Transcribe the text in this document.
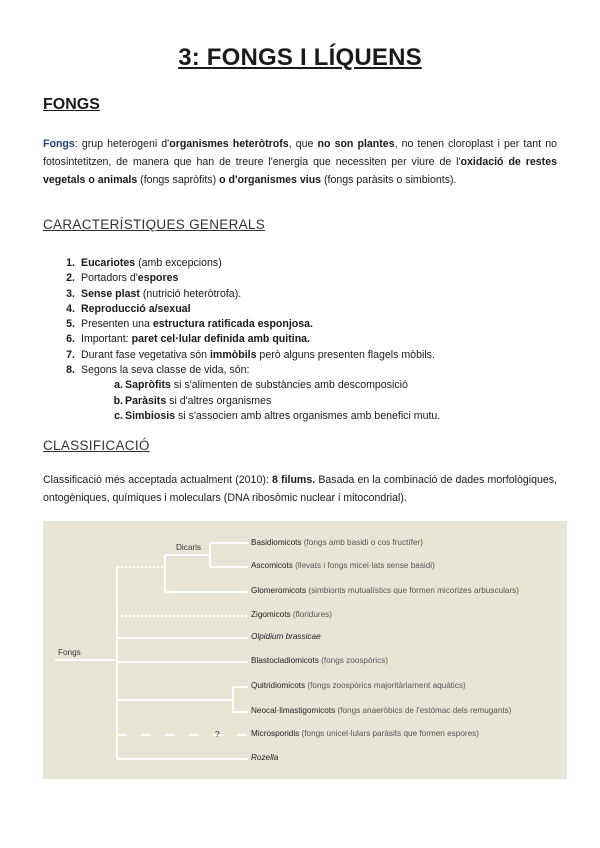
3: FONGS I LÍQUENS
FONGS

Fongs: grup heterogeni d'organismes heteròtrofs, que no son plantes, no tenen cloroplast i per tant no fotosintetitzen, de manera que han de treure l'energia que necessiten per viure de l'oxidació de restes vegetals o animals (fongs sapròfits) o d'organismes vius (fongs paràsits o simbionts).

CARACTERÍSTIQUES GENERALS
1. Eucariotes (amb excepcions)
2. Portadors d'espores
3. Sense plast (nutrició heteròtrofa).
4. Reproducció a/sexual
5. Presenten una estructura ratificada esponjosa.
6. Important: paret cel·lular definida amb quitina.
7. Durant fase vegetativa són immòbils però alguns presenten flagels mòbils.
8. Segons la seva classe de vida, són:
a. Sapròfits si s'alimenten de substàncies amb descomposició
b. Paràsits si d'altres organismes
c. Simbiosis si s'associen amb altres organismes amb benefici mutu.
CLASSIFICACIÓ

Classificació més acceptada actualment (2010): 8 filums. Basada en la combinació de dades morfològiques, ontogèniques, químiques i moleculars (DNA ribosòmic nuclear i mitocondrial).

Fongs
Dicaris
?
Basidiomicots (fongs amb basidi o cos fructífer)
Ascomicots (llevats i fongs micel·lats sense basidi)
Glomeromicots (simbionts mutualístics que formen micorizes arbusculars)
Zigomicots (floridures)
Olpidium brassicae
Blastocladiomicots (fongs zoospòrics)
Quitridiomicots (fongs zoospòrics majoritàriament aquàtics)
Neocal·limastigomicots (fongs anaeròbics de l'estómac dels remugants)
Microsporidis (fongs unicel·lulars paràsits que formen espores)
Rozella
